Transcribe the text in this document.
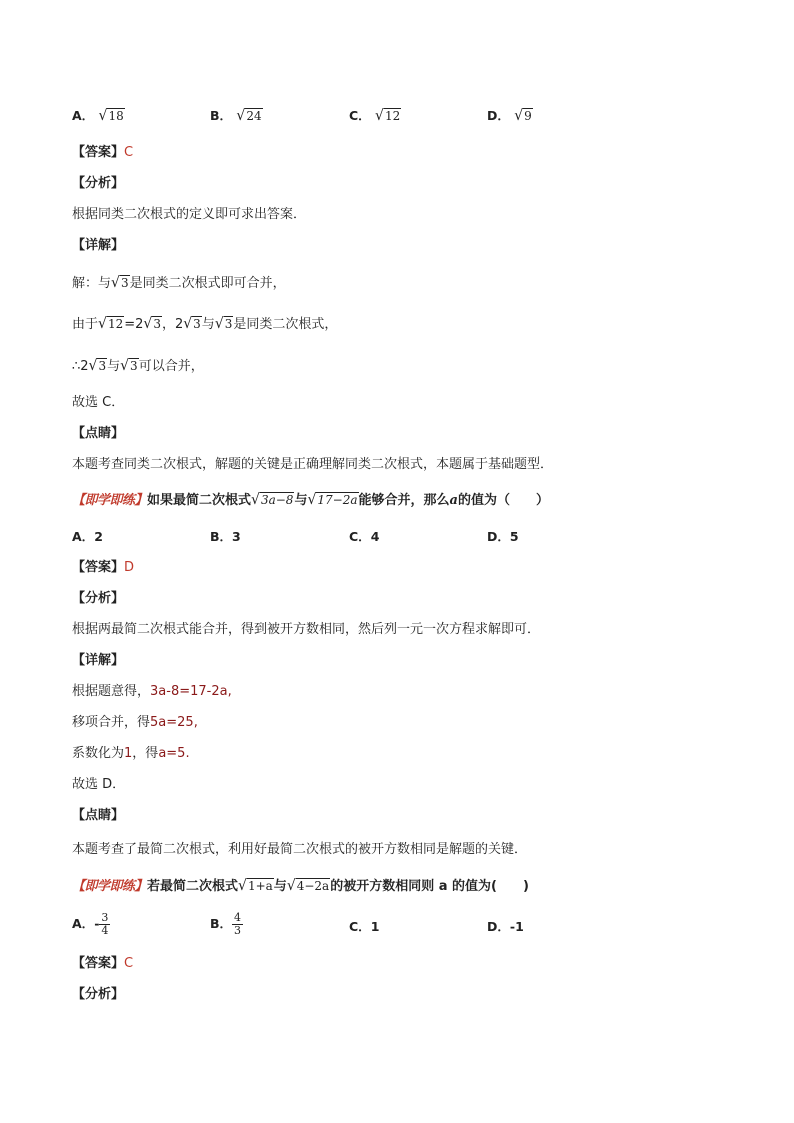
A． √18	B． √24	C． √12	D． √9
【答案】C
【分析】
根据同类二次根式的定义即可求出答案．
【详解】
解：与√3是同类二次根式即可合并，
由于√12=2√3，2√3与√3是同类二次根式，
∴2√3与√3可以合并，
故选 C．
【点睛】
本题考查同类二次根式，解题的关键是正确理解同类二次根式，本题属于基础题型．
【即学即练】如果最简二次根式√3a−8与√17−2a能够合并，那么a的值为（　　）
A．2	B．3	C．4	D．5
【答案】D
【分析】
根据两最简二次根式能合并，得到被开方数相同，然后列一元一次方程求解即可．
【详解】
根据题意得，3a-8=17-2a,
移项合并，得5a=25,
系数化为1，得a=5.
故选 D．
【点睛】
本题考查了最简二次根式，利用好最简二次根式的被开方数相同是解题的关键．
【即学即练】若最简二次根式√1+a与√4−2a的被开方数相同则 a 的值为(　　)
A．- $\frac{3}{4}$	B． $\frac{4}{3}$	C．1	D．-1
【答案】C
【分析】
